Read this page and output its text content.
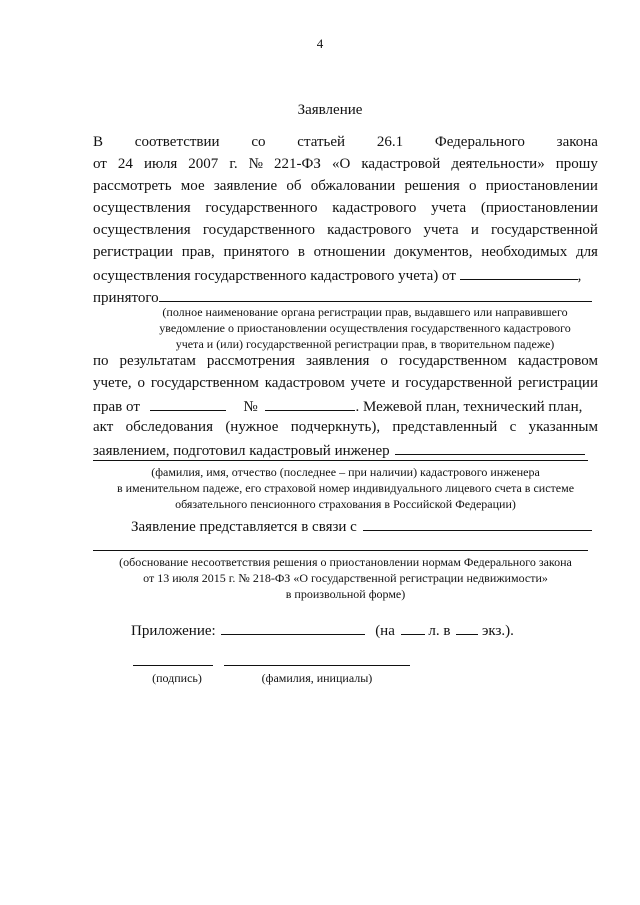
4
Заявление
В соответствии со статьей 26.1 Федерального закона
от 24 июля 2007 г. № 221-ФЗ «О кадастровой деятельности» прошу
рассмотреть мое заявление об обжаловании решения о приостановлении
осуществления государственного кадастрового учета (приостановлении
осуществления государственного кадастрового учета и государственной
регистрации прав, принятого в отношении документов, необходимых для
осуществления государственного кадастрового учета) от	,
принятого
(полное наименование органа регистрации прав, выдавшего или направившего
уведомление о приостановлении осуществления государственного кадастрового
учета и (или) государственной регистрации прав, в творительном падеже)
по результатам рассмотрения заявления о государственном кадастровом
учете, о государственном кадастровом учете и государственной регистрации
прав от	№	. Межевой план, технический план,
акт обследования (нужное подчеркнуть), представленный с указанным
заявлением, подготовил кадастровый инженер
(фамилия, имя, отчество (последнее – при наличии) кадастрового инженера
в именительном падеже, его страховой номер индивидуального лицевого счета в системе
обязательного пенсионного страхования в Российской Федерации)
Заявление представляется в связи с
(обоснование несоответствия решения о приостановлении нормам Федерального закона
от 13 июля 2015 г. № 218-ФЗ «О государственной регистрации недвижимости»
в произвольной форме)
Приложение:	(на л. в экз.).
(подпись)	(фамилия, инициалы)
